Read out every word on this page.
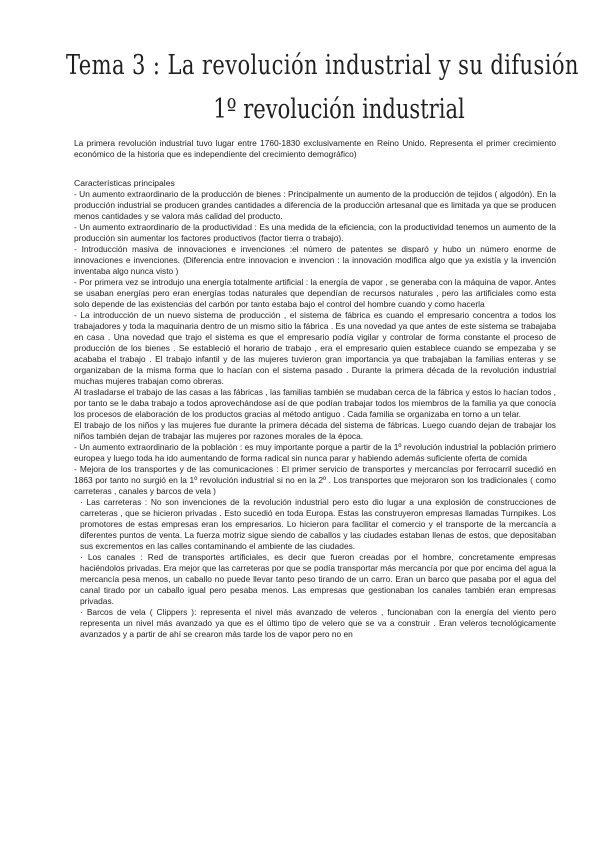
Tema 3 : La revolución industrial y su difusión
1º revolución industrial

La primera revolución industrial tuvo lugar entre 1760-1830 exclusivamente en Reino Unido. Representa el primer crecimiento económico de la historia que es independiente del crecimiento demográfico)

Características principales

- Un aumento extraordinario de la producción de bienes : Principalmente un aumento de la producción de tejidos ( algodón). En la producción industrial se producen grandes cantidades a diferencia de la producción artesanal que es limitada ya que se producen menos cantidades y se valora más calidad del producto.

- Un aumento extraordinario de la productividad : Es una medida de la eficiencia, con la productividad tenemos un aumento de la producción sin aumentar los factores productivos (factor tierra o trabajo).

- Introducción masiva de innovaciones e invenciones :el número de patentes se disparó y hubo un número enorme de innovaciones e invenciones. (Diferencia entre innovacion e invencion : la innovación modifica algo que ya existía y la invención inventaba algo nunca visto )

- Por primera vez se introdujo una energía totalmente artificial : la energía de vapor , se generaba con la máquina de vapor. Antes se usaban energías pero eran energías todas naturales que dependían de recursos naturales , pero las artificiales como esta solo depende de las existencias del carbón por tanto estaba bajo el control del hombre cuando y como hacerla

- La introducción de un nuevo sistema de producción , el sistema de fábrica es cuando el empresario concentra a todos los trabajadores y toda la maquinaria dentro de un mismo sitio la fábrica . Es una novedad ya que antes de este sistema se trabajaba en casa . Una novedad que trajo el sistema es que el empresario podía vigilar y controlar de forma constante el proceso de producción de los bienes . Se estableció el horario de trabajo , era el empresario quien establece cuando se empezaba y se acababa el trabajo . El trabajo infantil y de las mujeres tuvieron gran importancia ya que trabajaban la familias enteras y se organizaban de la misma forma que lo hacían con el sistema pasado . Durante la primera década de la revolución industrial muchas mujeres trabajan como obreras.

Al trasladarse el trabajo de las casas a las fábricas , las familias también se mudaban cerca de la fábrica y estos lo hacían todos , por tanto se le daba trabajo a todos aprovechándose así de que podían trabajar todos los miembros de la familia ya que conocía los procesos de elaboración de los productos gracias al método antiguo . Cada familia se organizaba en torno a un telar.

El trabajo de los niños y las mujeres fue durante la primera década del sistema de fábricas. Luego cuando dejan de trabajar los niños también dejan de trabajar las mujeres por razones morales de la época.

- Un aumento extraordinario de la población : es muy importante porque a partir de la 1º revolución industrial la población primero europea y luego toda ha ido aumentando de forma radical sin nunca parar y habiendo además suficiente oferta de comida

- Mejora de los transportes y de las comunicaciones : El primer servicio de transportes y mercancías por ferrocarril sucedió en 1863 por tanto no surgió en la 1º revolución industrial si no en la 2º . Los transportes que mejoraron son los tradicionales ( como carreteras , canales y barcos de vela )

· Las carreteras : No son invenciones de la revolución industrial pero esto dio lugar a una explosión de construcciones de carreteras , que se hicieron privadas . Esto sucedió en toda Europa. Estas las construyeron empresas llamadas Turnpikes. Los promotores de estas empresas eran los empresarios. Lo hicieron para facilitar el comercio y el transporte de la mercancía a diferentes puntos de venta. La fuerza motriz sigue siendo de caballos y las ciudades estaban llenas de estos, que depositaban sus excrementos en las calles contaminando el ambiente de las ciudades.

· Los canales : Red de transportes artificiales, es decir que fueron creadas por el hombre, concretamente empresas haciéndolos privadas. Era mejor que las carreteras por que se podía transportar más mercancía por que por encima del agua la mercancía pesa menos, un caballo no puede llevar tanto peso tirando de un carro. Eran un barco que pasaba por el agua del canal tirado por un caballo igual pero pesaba menos. Las empresas que gestionaban los canales también eran empresas privadas.

· Barcos de vela ( Clippers ): representa el nivel más avanzado de veleros , funcionaban con la energía del viento pero representa un nivel más avanzado ya que es el último tipo de velero que se va a construir . Eran veleros tecnológicamente avanzados y a partir de ahí se crearon más tarde los de vapor pero no en
